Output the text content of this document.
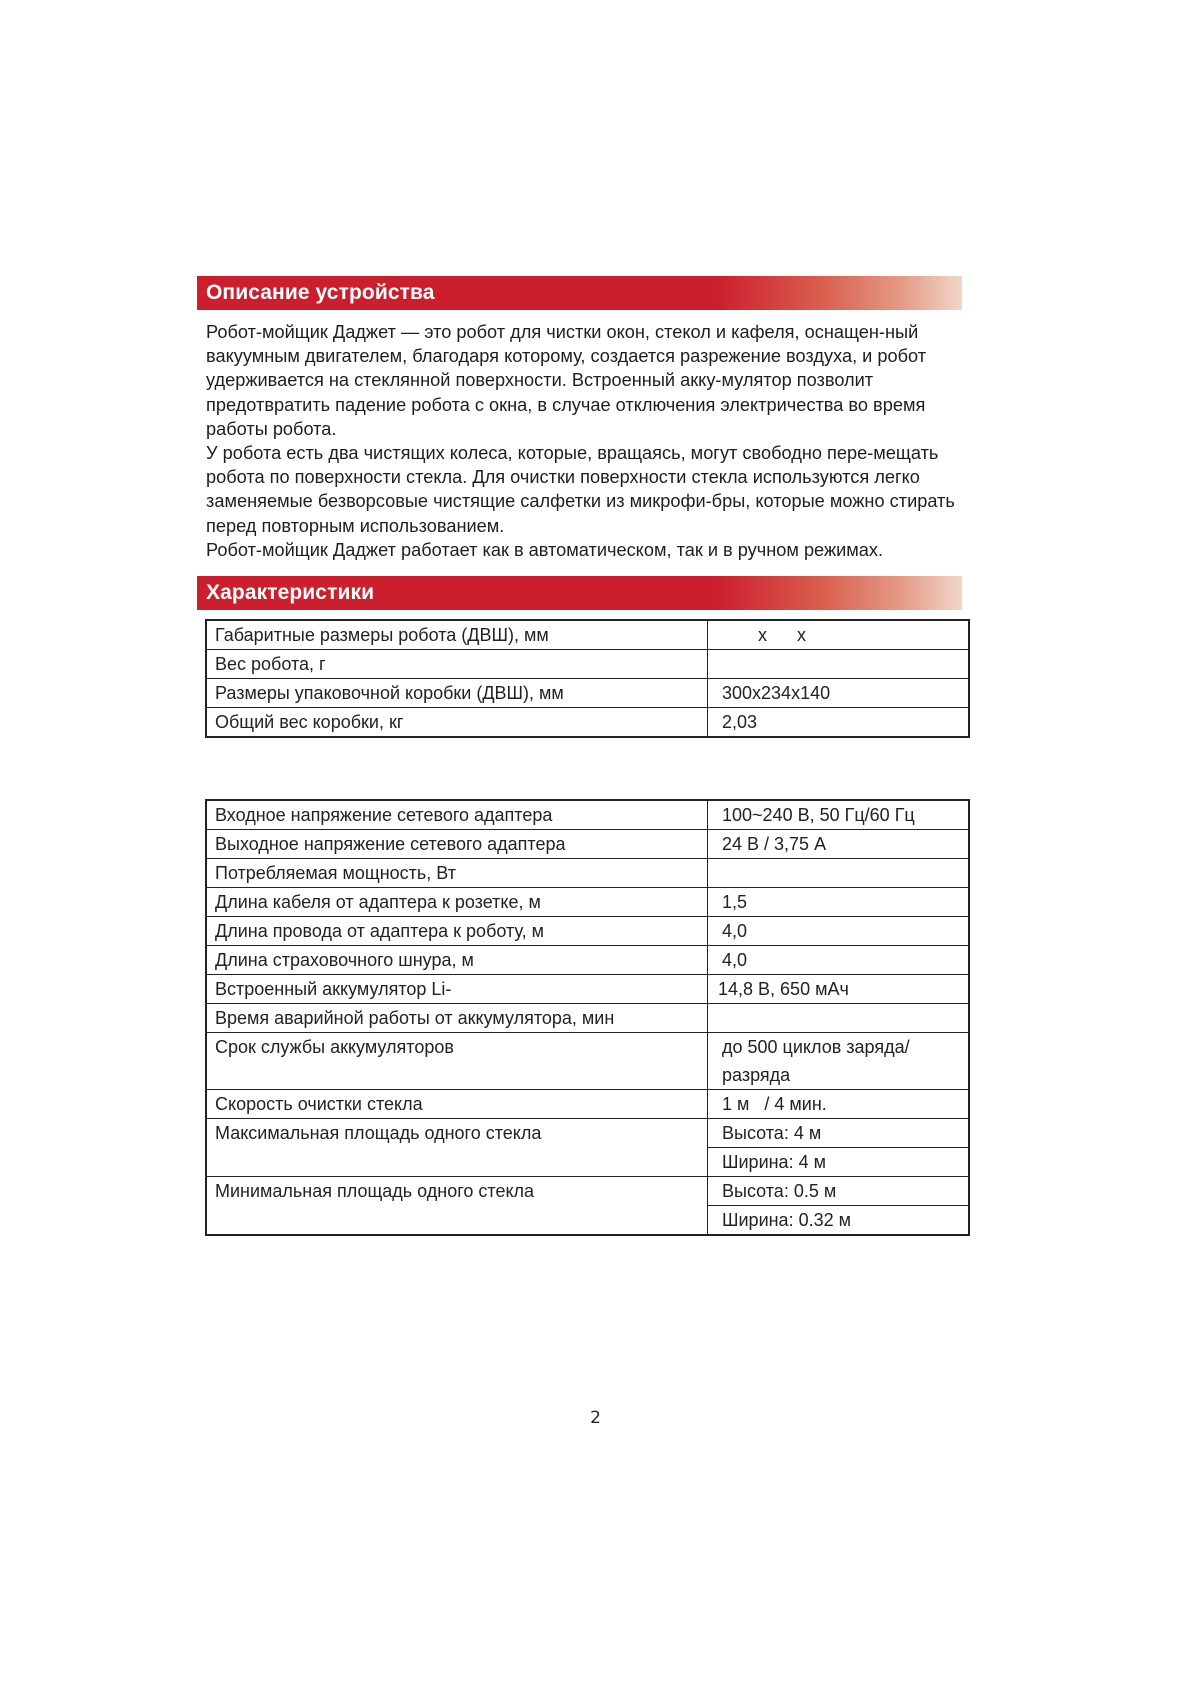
Описание устройства

Робот-мойщик Даджет — это робот для чистки окон, стекол и кафеля, оснащен-ный вакуумным двигателем, благодаря которому, создается разрежение воздуха, и робот удерживается на стеклянной поверхности. Встроенный акку-мулятор позволит предотвратить падение робота с окна, в случае отключения электричества во время работы робота.

У робота есть два чистящих колеса, которые, вращаясь, могут свободно пере-мещать робота по поверхности стекла. Для очистки поверхности стекла используются легко заменяемые безворсовые чистящие салфетки из микрофи-бры, которые можно стирать перед повторным использованием.

Робот-мойщик Даджет работает как в автоматическом, так и в ручном режимах.

Характеристики
Габаритные размеры робота (ДВШ), мм	x      x
Вес робота, г	
Размеры упаковочной коробки (ДВШ), мм	300x234x140
Общий вес коробки, кг	2,03
Входное напряжение сетевого адаптера	100~240 В, 50 Гц/60 Гц
Выходное напряжение сетевого адаптера	24 В / 3,75 А
Потребляемая мощность, Вт	
Длина кабеля от адаптера к розетке, м	1,5
Длина провода от адаптера к роботу, м	4,0
Длина страховочного шнура, м	4,0
Встроенный аккумулятор Li-	14,8 В, 650 мАч
Время аварийной работы от аккумулятора, мин	
Срок службы аккумуляторов	до 500 циклов заряда/
	разряда
Скорость очистки стекла	1 м   / 4 мин.
Максимальная площадь одного стекла	Высота: 4 м
	Ширина: 4 м
Минимальная площадь одного стекла	Высота: 0.5 м
	Ширина: 0.32 м
2
